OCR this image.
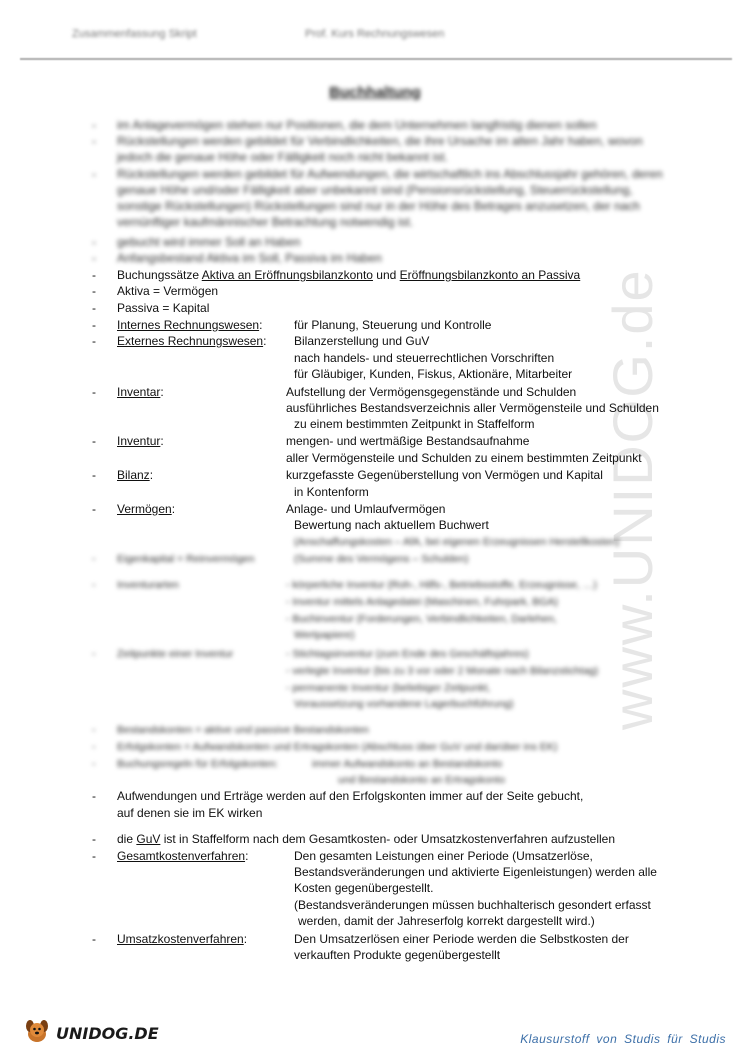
Zusammenfassung Skript	Prof. Kurs Rechnungswesen
Buchhaltung
www.UNIDOG.de
- im Anlagevermögen stehen nur Positionen, die dem Unternehmen langfristig dienen sollen
- Rückstellungen werden gebildet für Verbindlichkeiten, die ihre Ursache im alten Jahr haben, wovon
jedoch die genaue Höhe oder Fälligkeit noch nicht bekannt ist.
- Rückstellungen werden gebildet für Aufwendungen, die wirtschaftlich ins Abschlussjahr gehören, deren
genaue Höhe und/oder Fälligkeit aber unbekannt sind (Pensionsrückstellung, Steuerrückstellung,
sonstige Rückstellungen) Rückstellungen sind nur in der Höhe des Betrages anzusetzen, der nach
vernünftiger kaufmännischer Betrachtung notwendig ist.
- gebucht wird immer Soll an Haben
- Anfangsbestand Aktiva im Soll, Passiva im Haben
- Buchungssätze Aktiva an Eröffnungsbilanzkonto und Eröffnungsbilanzkonto an Passiva
- Aktiva = Vermögen
- Passiva = Kapital
- Internes Rechnungswesen:	für Planung, Steuerung und Kontrolle
- Externes Rechnungswesen: Bilanzerstellung und GuV
nach handels- und steuerrechtlichen Vorschriften
für Gläubiger, Kunden, Fiskus, Aktionäre, Mitarbeiter
- Inventar:	Aufstellung der Vermögensgegenstände und Schulden
ausführliches Bestandsverzeichnis aller Vermögensteile und Schulden
zu einem bestimmten Zeitpunkt in Staffelform
- Inventur:	mengen- und wertmäßige Bestandsaufnahme
aller Vermögensteile und Schulden zu einem bestimmten Zeitpunkt
- Bilanz:	kurzgefasste Gegenüberstellung von Vermögen und Kapital
in Kontenform
- Vermögen:	Anlage- und Umlaufvermögen
Bewertung nach aktuellem Buchwert
(Anschaffungskosten – AfA, bei eigenen Erzeugnissen Herstellkosten)
- Eigenkapital = Reinvermögen	(Summe des Vermögens – Schulden)
- Inventurarten	- körperliche Inventur (Roh-, Hilfs-, Betriebsstoffe, Erzeugnisse, …)
- Inventur mittels Anlagedatei (Maschinen, Fuhrpark, BGA)
- Buchinventur (Forderungen, Verbindlichkeiten, Darlehen,
Wertpapiere)
- Zeitpunkte einer Inventur	- Stichtagsinventur (zum Ende des Geschäftsjahres)
- verlegte Inventur (bis zu 3 vor oder 2 Monate nach Bilanzstichtag)
- permanente Inventur (beliebiger Zeitpunkt,
Voraussetzung vorhandene Lagerbuchführung)
- Bestandskonten = aktive und passive Bestandskonten
- Erfolgskonten = Aufwandskonten und Ertragskonten (Abschluss über GuV und darüber ins EK)
- Buchungsregeln für Erfolgskonten:	immer Aufwandskonto an Bestandskonto
und Bestandskonto an Ertragskonto
- Aufwendungen und Erträge werden auf den Erfolgskonten immer auf der Seite gebucht,
auf denen sie im EK wirken
- die GuV ist in Staffelform nach dem Gesamtkosten- oder Umsatzkostenverfahren aufzustellen
- Gesamtkostenverfahren:	Den gesamten Leistungen einer Periode (Umsatzerlöse,
Bestandsveränderungen und aktivierte Eigenleistungen) werden alle
Kosten gegenübergestellt.
(Bestandsveränderungen müssen buchhalterisch gesondert erfasst
werden, damit der Jahreserfolg korrekt dargestellt wird.)
- Umsatzkostenverfahren:	Den Umsatzerlösen einer Periode werden die Selbstkosten der
verkauften Produkte gegenübergestellt
UNIDOG.DE	Klausurstoff von Studis für Studis
